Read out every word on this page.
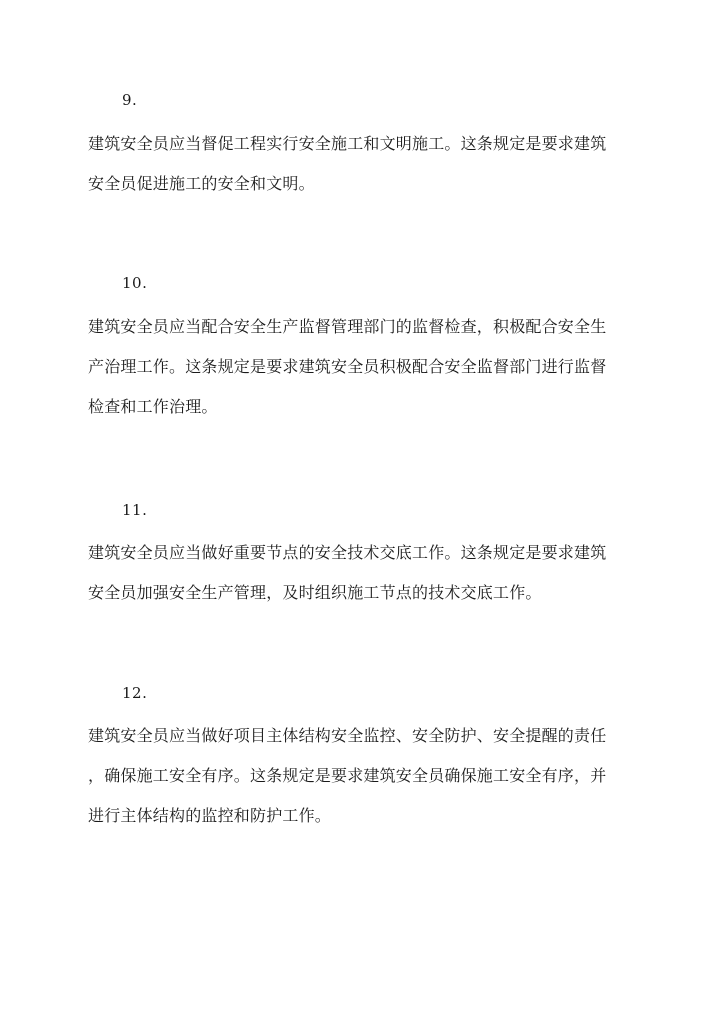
9.
建筑安全员应当督促工程实行安全施工和文明施工。这条规定是要求建筑
安全员促进施工的安全和文明。
10.
建筑安全员应当配合安全生产监督管理部门的监督检查，积极配合安全生
产治理工作。这条规定是要求建筑安全员积极配合安全监督部门进行监督
检查和工作治理。
11.
建筑安全员应当做好重要节点的安全技术交底工作。这条规定是要求建筑
安全员加强安全生产管理，及时组织施工节点的技术交底工作。
12.
建筑安全员应当做好项目主体结构安全监控、安全防护、安全提醒的责任
，确保施工安全有序。这条规定是要求建筑安全员确保施工安全有序，并
进行主体结构的监控和防护工作。
